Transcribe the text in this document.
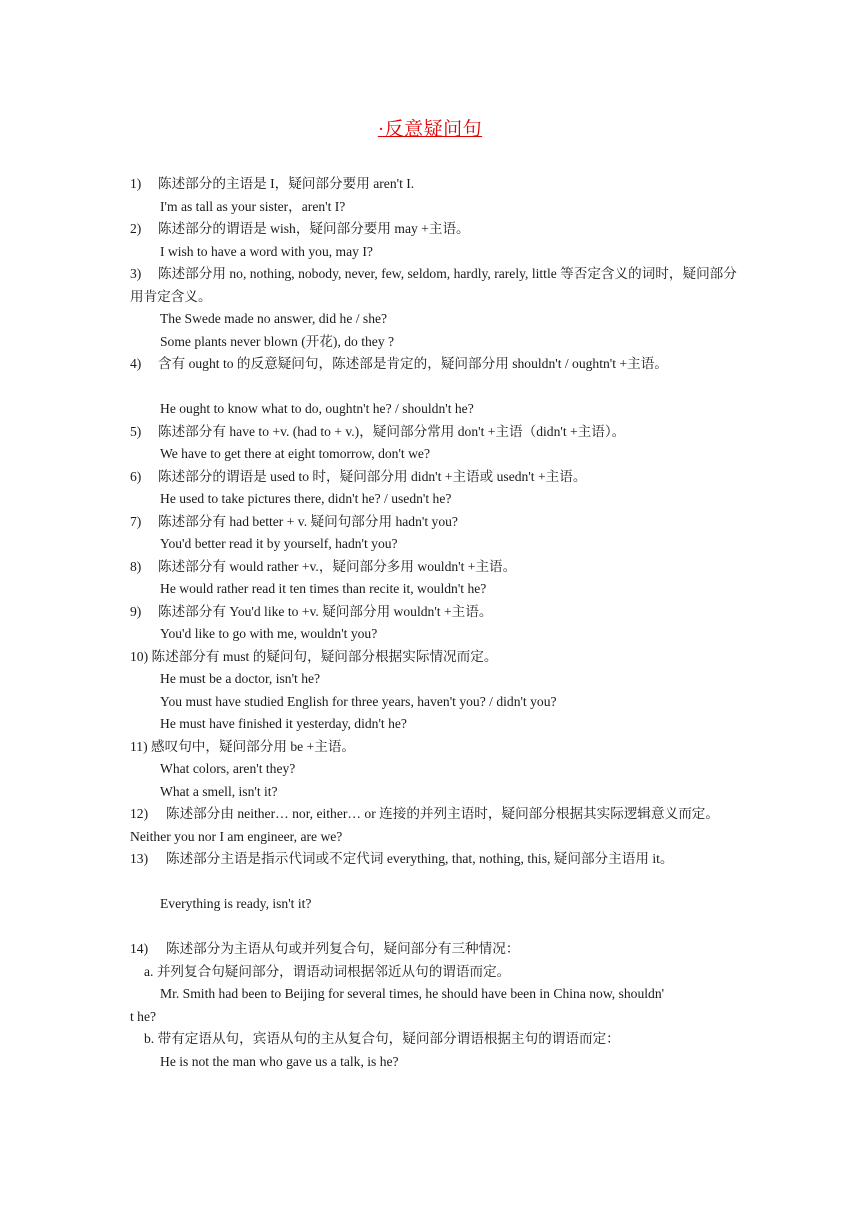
·反意疑问句
1) 陈述部分的主语是 I，疑问部分要用 aren't I.
I'm as tall as your sister，aren't I?
2) 陈述部分的谓语是 wish，疑问部分要用 may +主语。
I wish to have a word with you, may I?
3) 陈述部分用 no, nothing, nobody, never, few, seldom, hardly, rarely, little 等否定含义的词时，疑问部分用肯定含义。
The Swede made no answer, did he / she?
Some plants never blown (开花), do they ?
4) 含有 ought to 的反意疑问句，陈述部是肯定的，疑问部分用 shouldn't / oughtn't +主语。
He ought to know what to do, oughtn't he? / shouldn't he?
5) 陈述部分有 have to +v. (had to + v.)，疑问部分常用 don't +主语（didn't +主语）。
We have to get there at eight tomorrow, don't we?
6) 陈述部分的谓语是 used to 时，疑问部分用 didn't +主语或 usedn't +主语。
He used to take pictures there, didn't he? / usedn't he?
7) 陈述部分有 had better + v. 疑问句部分用 hadn't you?
You'd better read it by yourself, hadn't you?
8) 陈述部分有 would rather +v.，疑问部分多用 wouldn't +主语。
He would rather read it ten times than recite it, wouldn't he?
9) 陈述部分有 You'd like to +v. 疑问部分用 wouldn't +主语。
You'd like to go with me, wouldn't you?
10) 陈述部分有 must 的疑问句，疑问部分根据实际情况而定。
He must be a doctor, isn't he?
You must have studied English for three years, haven't you? / didn't you?
He must have finished it yesterday, didn't he?
11) 感叹句中，疑问部分用 be +主语。
What colors, aren't they?
What a smell, isn't it?
12) 陈述部分由 neither… nor, either… or 连接的并列主语时，疑问部分根据其实际逻辑意义而定。
Neither you nor I am engineer, are we?
13) 陈述部分主语是指示代词或不定代词 everything, that, nothing, this, 疑问部分主语用 it。
Everything is ready, isn't it?
14) 陈述部分为主语从句或并列复合句，疑问部分有三种情况：
a. 并列复合句疑问部分，谓语动词根据邻近从句的谓语而定。
Mr. Smith had been to Beijing for several times, he should have been in China now, shouldn'
t he?
b. 带有定语从句，宾语从句的主从复合句，疑问部分谓语根据主句的谓语而定：
He is not the man who gave us a talk, is he?
